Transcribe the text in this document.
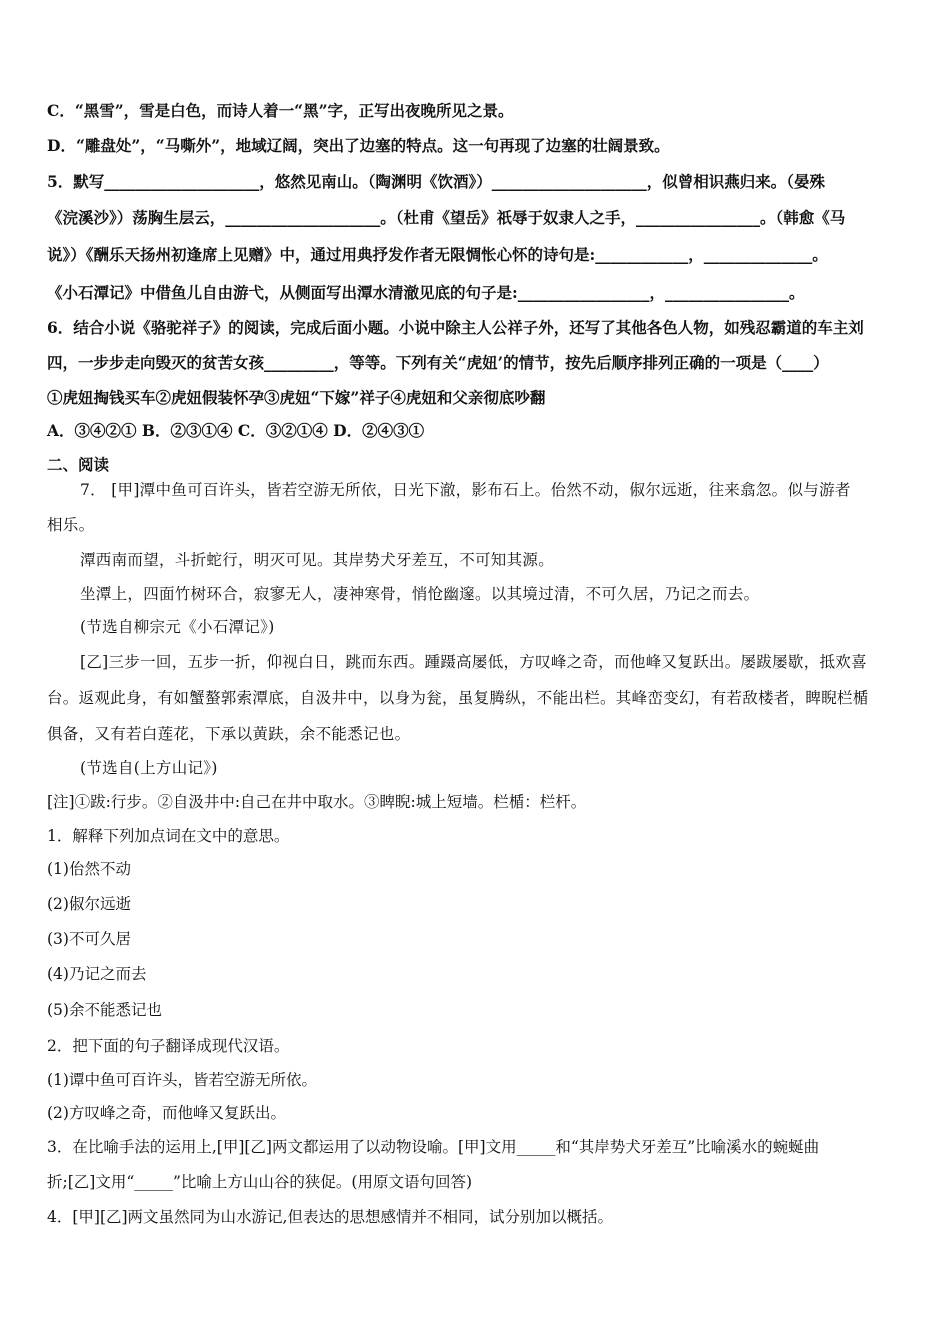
C．“黑雪”，雪是白色，而诗人着一“黑”字，正写出夜晚所见之景。
D．“雕盘处”，“马嘶外”，地域辽阔，突出了边塞的特点。这一句再现了边塞的壮阔景致。
5．默写____________________，悠然见南山。（陶渊明《饮酒》）____________________，似曾相识燕归来。（晏殊
《浣溪沙》）荡胸生层云，____________________。（杜甫《望岳》祇辱于奴隶人之手，________________。（韩愈《马
说》）《酬乐天扬州初逢席上见赠》中，通过用典抒发作者无限惆怅心怀的诗句是:____________，______________。
《小石潭记》中借鱼儿自由游弋，从侧面写出潭水清澈见底的句子是:_________________，________________。
6．结合小说《骆驼祥子》的阅读，完成后面小题。小说中除主人公祥子外，还写了其他各色人物，如残忍霸道的车主刘
四，一步步走向毁灭的贫苦女孩_________，等等。下列有关“虎妞’的情节，按先后顺序排列正确的一项是（____）
①虎妞掏钱买车②虎妞假装怀孕③虎妞“下嫁”祥子④虎妞和父亲彻底吵翻
A．③④②① B．②③①④ C．③②①④ D．②④③①
二、阅读
7． [甲]潭中鱼可百许头，皆若空游无所依，日光下澈，影布石上。佁然不动，俶尔远逝，往来翕忽。似与游者
相乐。
潭西南而望，斗折蛇行，明灭可见。其岸势犬牙差互，不可知其源。
坐潭上，四面竹树环合，寂寥无人，凄神寒骨，悄怆幽邃。以其境过清，不可久居，乃记之而去。
(节选自柳宗元《小石潭记》)
[乙]三步一回，五步一折，仰视白日，跳而东西。踵蹑高屡低，方叹峰之奇，而他峰又复跃出。屡跋屡歇，抵欢喜
台。返观此身，有如蟹螯郭索潭底，自汲井中，以身为瓮，虽复腾纵，不能出栏。其峰峦变幻，有若敌楼者，睥睨栏楯
俱备，又有若白莲花，下承以黄趺，余不能悉记也。
(节选自(上方山记》)
[注]①跋:行步。②自汲井中:自己在井中取水。③睥睨:城上短墙。栏楯：栏杆。
1．解释下列加点词在文中的意思。
(1)佁然不动
(2)俶尔远逝
(3)不可久居
(4)乃记之而去
(5)余不能悉记也
2．把下面的句子翻译成现代汉语。
(1)谭中鱼可百许头，皆若空游无所依。
(2)方叹峰之奇，而他峰又复跃出。
3．在比喻手法的运用上,[甲][乙]两文都运用了以动物设喻。[甲]文用_____和“其岸势犬牙差互”比喻溪水的蜿蜒曲
折;[乙]文用“_____”比喻上方山山谷的狭促。(用原文语句回答)
4．[甲][乙]两文虽然同为山水游记,但表达的思想感情并不相同，试分别加以概括。
